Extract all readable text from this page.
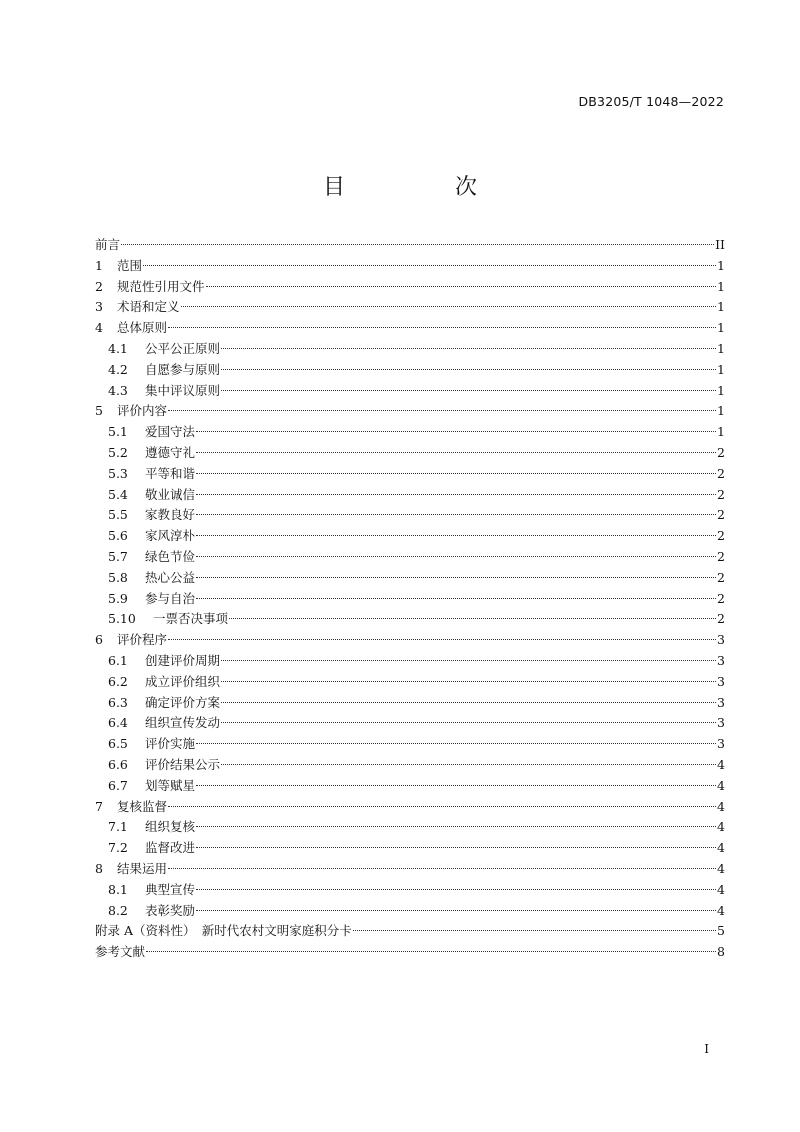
DB3205/T 1048—2022
目　次
前言	II
1	范围	1
2	规范性引用文件	1
3	术语和定义	1
4	总体原则	1
4.1	公平公正原则	1
4.2	自愿参与原则	1
4.3	集中评议原则	1
5	评价内容	1
5.1	爱国守法	1
5.2	遵德守礼	2
5.3	平等和谐	2
5.4	敬业诚信	2
5.5	家教良好	2
5.6	家风淳朴	2
5.7	绿色节俭	2
5.8	热心公益	2
5.9	参与自治	2
5.10	一票否决事项	2
6	评价程序	3
6.1	创建评价周期	3
6.2	成立评价组织	3
6.3	确定评价方案	3
6.4	组织宣传发动	3
6.5	评价实施	3
6.6	评价结果公示	4
6.7	划等赋星	4
7	复核监督	4
7.1	组织复核	4
7.2	监督改进	4
8	结果运用	4
8.1	典型宣传	4
8.2	表彰奖励	4
附录 A（资料性）　新时代农村文明家庭积分卡	5
参考文献	8
I
